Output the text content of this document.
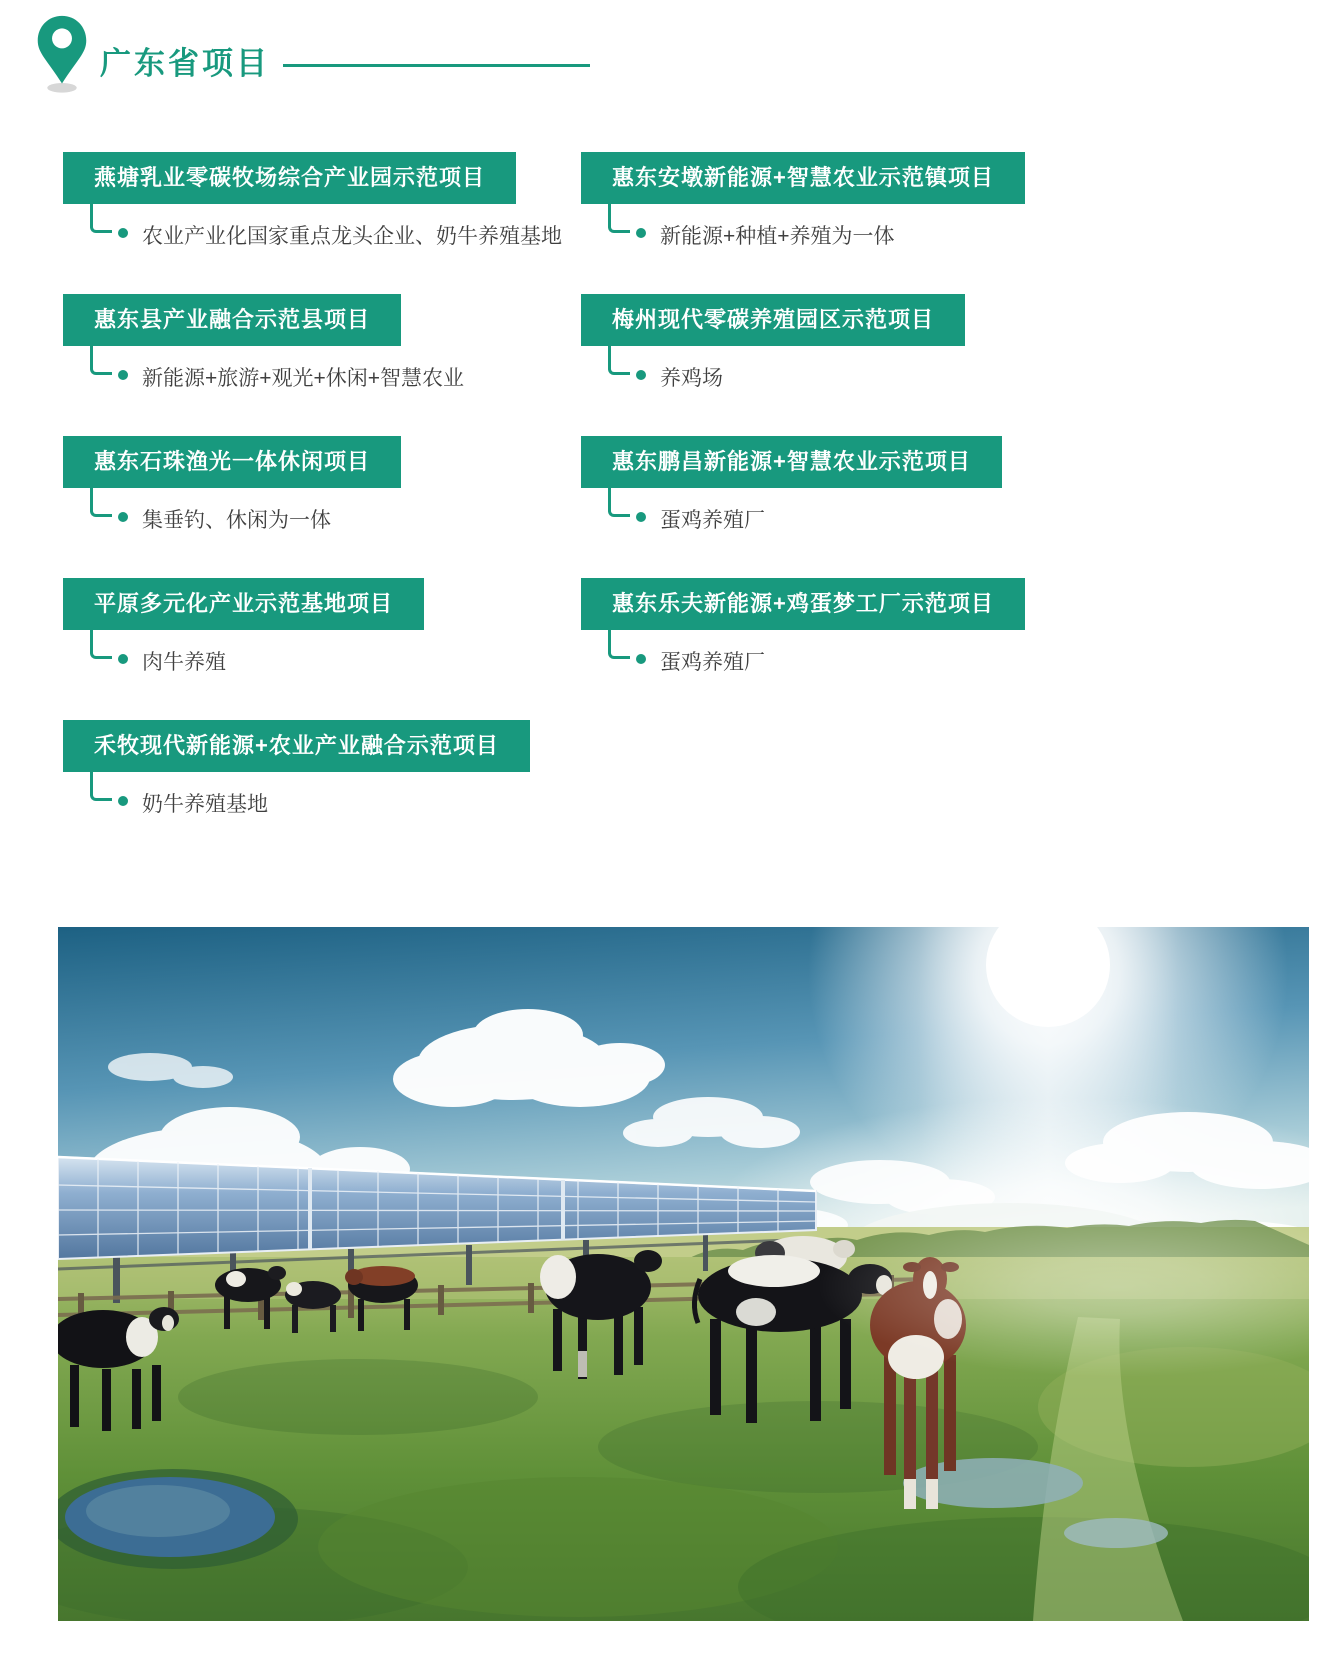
广东省项目
燕塘乳业零碳牧场综合产业园示范项目
农业产业化国家重点龙头企业、奶牛养殖基地
惠东县产业融合示范县项目
新能源+旅游+观光+休闲+智慧农业
惠东石珠渔光一体休闲项目
集垂钓、休闲为一体
平原多元化产业示范基地项目
肉牛养殖
禾牧现代新能源+农业产业融合示范项目
奶牛养殖基地
惠东安墩新能源+智慧农业示范镇项目
新能源+种植+养殖为一体
梅州现代零碳养殖园区示范项目
养鸡场
惠东鹏昌新能源+智慧农业示范项目
蛋鸡养殖厂
惠东乐夫新能源+鸡蛋梦工厂示范项目
蛋鸡养殖厂
